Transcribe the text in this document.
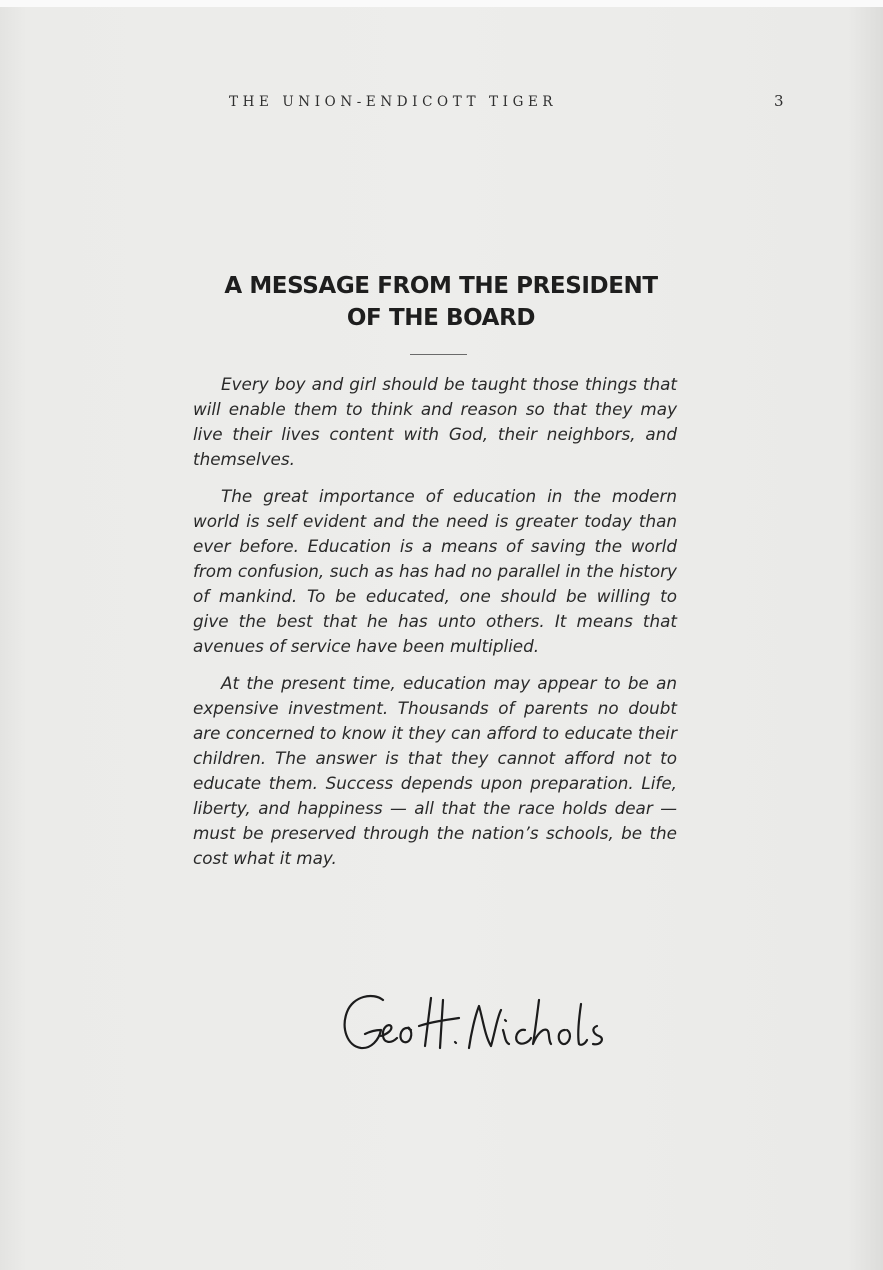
THE UNION-ENDICOTT TIGER	3
A MESSAGE FROM THE PRESIDENT
OF THE BOARD

Every boy and girl should be taught those things that will enable them to think and reason so that they may live their lives content with God, their neighbors, and themselves.

The great importance of education in the modern world is self evident and the need is greater today than ever before. Education is a means of saving the world from confusion, such as has had no parallel in the history of mankind. To be educated, one should be willing to give the best that he has unto others. It means that avenues of service have been multiplied.

At the present time, education may appear to be an expensive investment. Thousands of parents no doubt are concerned to know it they can afford to educate their children. The answer is that they cannot afford not to educate them. Success depends upon preparation. Life, liberty, and happiness — all that the race holds dear — must be preserved through the nation’s schools, be the cost what it may.
